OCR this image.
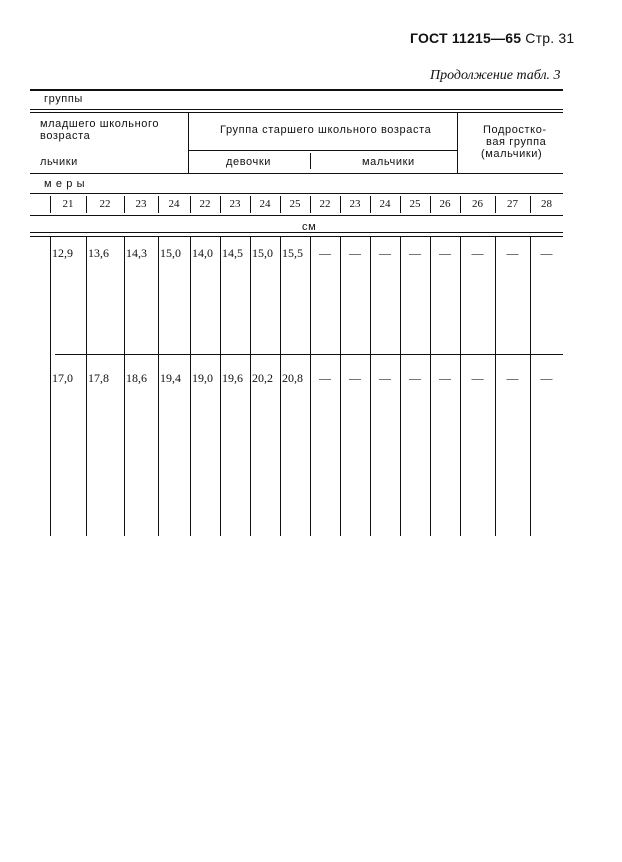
ГОСТ 11215—65 Стр. 31
Продолжение табл. 3
группы
младшего школьного
возраста	Группа старшего школьного возраста	Подростко-
вая группа
(мальчики)
льчики	девочки	мальчики
м е р ы
см
21	22	23	24	22	23	24	25	22	23	24	25	26	26	27	28
12,9 13,6 14,3 15,0 14,0 14,5 15,0 15,5	—	—	—	—	—	—	—	—
17,0 17,8 18,6 19,4 19,0 19,6 20,2 20,8	—	—	—	—	—	—	—	—
